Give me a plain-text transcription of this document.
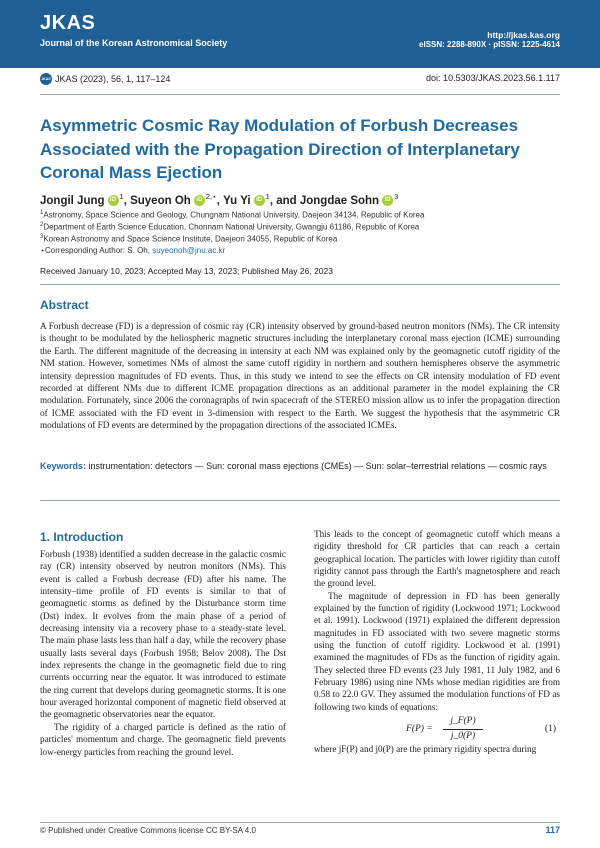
JKAS
Journal of the Korean Astronomical Society
http://jkas.kas.org
eISSN: 2288-890X · pISSN: 1225-4614
JKAS JKAS (2023), 56, 1, 117–124	doi: 10.5303/JKAS.2023.56.1.117
Asymmetric Cosmic Ray Modulation of Forbush Decreases Associated with the Propagation Direction of Interplanetary Coronal Mass Ejection
Jongil Jung iD $^1$, Suyeon Oh iD $^{2,⋆}$, Yu Yi iD $^1$, and Jongdae Sohn iD $^3$
$^1$Astronomy, Space Science and Geology, Chungnam National University, Daejeon 34134, Republic of Korea
$^2$Department of Earth Science Education, Chonnam National University, Gwangju 61186, Republic of Korea
$^3$Korean Astronomy and Space Science Institute, Daejeon 34055, Republic of Korea
⋆Corresponding Author: S. Oh, suyeonoh@jnu.ac.kr
Received January 10, 2023; Accepted May 13, 2023; Published May 26, 2023
Abstract
A Forbush decrease (FD) is a depression of cosmic ray (CR) intensity observed by ground-based neutron monitors (NMs). The CR intensity is thought to be modulated by the heliospheric magnetic structures including the interplanetary coronal mass ejection (ICME) surrounding the Earth. The different magnitude of the decreasing in intensity at each NM was explained only by the geomagnetic cutoff rigidity of the NM station. However, sometimes NMs of almost the same cutoff rigidity in northern and southern hemispheres observe the asymmetric intensity depression magnitudes of FD events. Thus, in this study we intend to see the effects on CR intensity modulation of FD event recorded at different NMs due to different ICME propagation directions as an additional parameter in the model explaining the CR modulation. Fortunately, since 2006 the coronagraphs of twin spacecraft of the STEREO mission allow us to infer the propagation direction of ICME associated with the FD event in 3-dimension with respect to the Earth. We suggest the hypothesis that the asymmetric CR modulations of FD events are determined by the propagation directions of the associated ICMEs.
Keywords: instrumentation: detectors — Sun: coronal mass ejections (CMEs) — Sun: solar–terrestrial relations — cosmic rays
1. Introduction

Forbush (1938) identified a sudden decrease in the galactic cosmic ray (CR) intensity observed by neutron monitors (NMs). This event is called a Forbush decrease (FD) after his name. The intensity–time profile of FD events is similar to that of geomagnetic storms as defined by the Disturbance storm time (Dst) index. It evolves from the main phase of a period of decreasing intensity via a recovery phase to a steady-state level. The main phase lasts less than half a day, while the recovery phase usually lasts several days (Forbush 1958; Belov 2008). The Dst index represents the change in the geomagnetic field due to ring currents occurring near the equator. It was introduced to estimate the ring current that develops during geomagnetic storms. It is one hour averaged horizontal component of magnetic field observed at the geomagnetic observatories near the equator.

The rigidity of a charged particle is defined as the ratio of particles' momentum and charge. The geomagnetic field prevents low-energy particles from reaching the ground level.

This leads to the concept of geomagnetic cutoff which means a rigidity threshold for CR particles that can reach a certain geographical location. The particles with lower rigidity than cutoff rigidity cannot pass through the Earth's magnetosphere and reach the ground level.

The magnitude of depression in FD has been generally explained by the function of rigidity (Lockwood 1971; Lockwood et al. 1991). Lockwood (1971) explained the different depression magnitudes in FD associated with two severe magnetic storms using the function of cutoff rigidity. Lockwood et al. (1991) examined the magnitudes of FDs as the function of rigidity again. They selected three FD events (23 July 1981, 11 July 1982, and 6 February 1986) using nine NMs whose median rigidities are from 0.58 to 22.0 GV. They assumed the modulation functions of FD as following two kinds of equations:

$F(P) = \frac{j\_F(P)}{j\_0(P)}$	(1)

where jF(P) and j0(P) are the primary rigidity spectra during

© Published under Creative Commons license CC BY-SA 4.0	117
